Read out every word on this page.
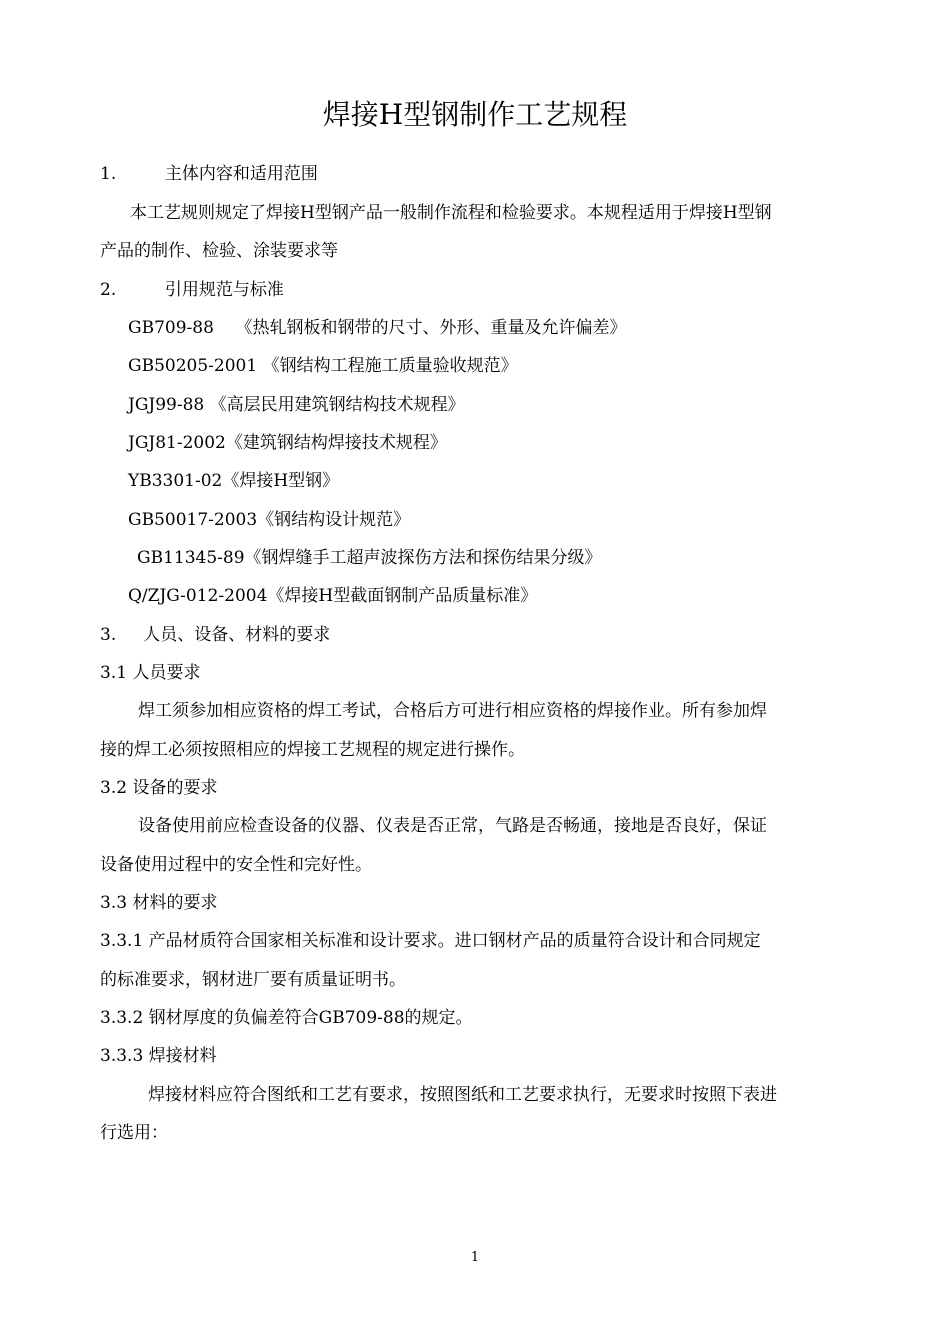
焊接H型钢制作工艺规程

1.         主体内容和适用范围

本工艺规则规定了焊接H型钢产品一般制作流程和检验要求。本规程适用于焊接H型钢

产品的制作、检验、涂装要求等

2.         引用规范与标准

GB709-88    《热轧钢板和钢带的尺寸、外形、重量及允许偏差》

GB50205-2001 《钢结构工程施工质量验收规范》

JGJ99-88 《高层民用建筑钢结构技术规程》

JGJ81-2002《建筑钢结构焊接技术规程》

YB3301-02《焊接H型钢》

GB50017-2003《钢结构设计规范》

GB11345-89《钢焊缝手工超声波探伤方法和探伤结果分级》

Q/ZJG-012-2004《焊接H型截面钢制产品质量标准》

3.     人员、设备、材料的要求

3.1 人员要求

焊工须参加相应资格的焊工考试，合格后方可进行相应资格的焊接作业。所有参加焊

接的焊工必须按照相应的焊接工艺规程的规定进行操作。

3.2 设备的要求

设备使用前应检查设备的仪器、仪表是否正常，气路是否畅通，接地是否良好，保证

设备使用过程中的安全性和完好性。

3.3 材料的要求

3.3.1 产品材质符合国家相关标准和设计要求。进口钢材产品的质量符合设计和合同规定

的标准要求，钢材进厂要有质量证明书。

3.3.2 钢材厚度的负偏差符合GB709-88的规定。

3.3.3 焊接材料

焊接材料应符合图纸和工艺有要求，按照图纸和工艺要求执行，无要求时按照下表进

行选用：

1
